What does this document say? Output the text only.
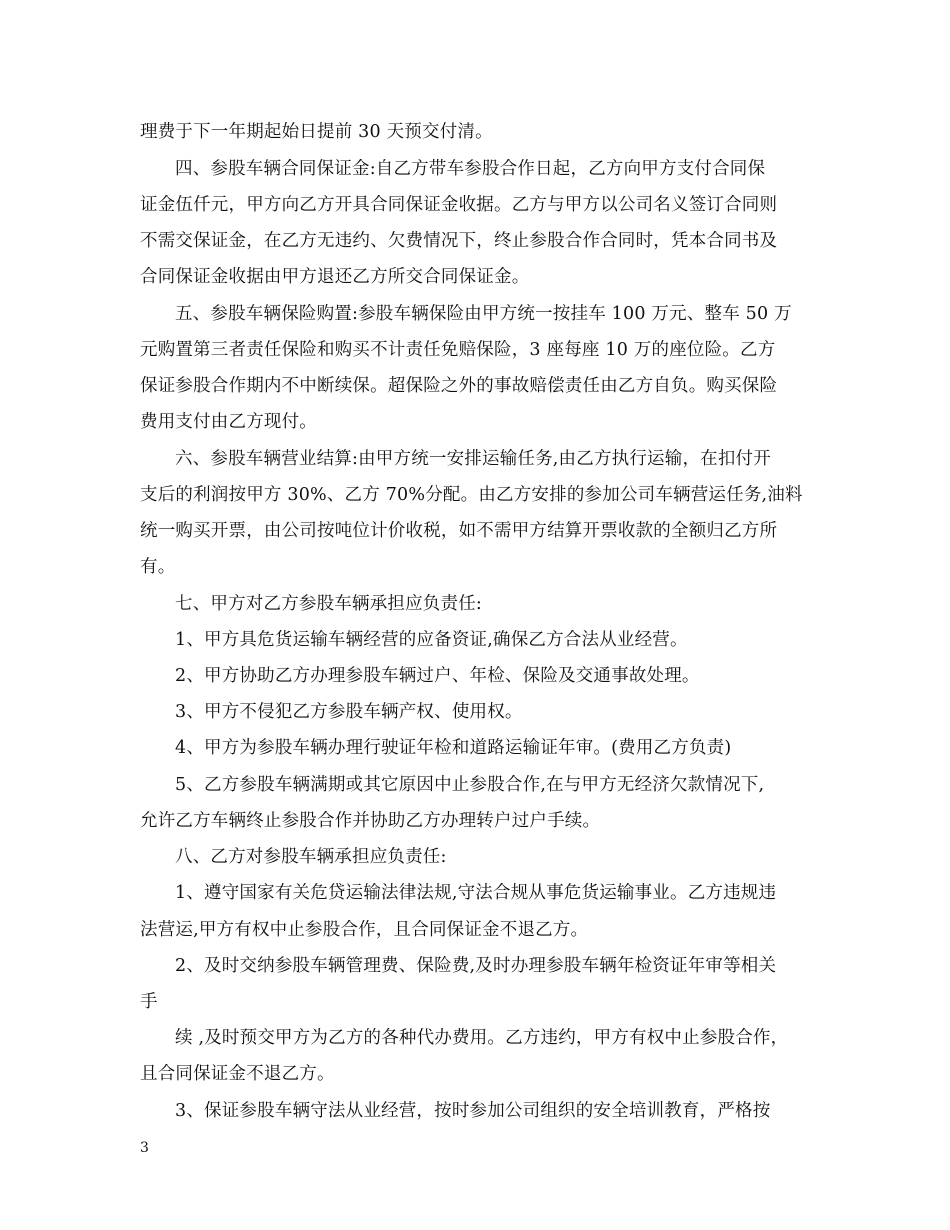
理费于下一年期起始日提前 30 天预交付清。
四、参股车辆合同保证金:自乙方带车参股合作日起，乙方向甲方支付合同保
证金伍仟元，甲方向乙方开具合同保证金收据。乙方与甲方以公司名义签订合同则
不需交保证金，在乙方无违约、欠费情况下，终止参股合作合同时，凭本合同书及
合同保证金收据由甲方退还乙方所交合同保证金。
五、参股车辆保险购置:参股车辆保险由甲方统一按挂车 100 万元、整车 50 万
元购置第三者责任保险和购买不计责任免赔保险，3 座每座 10 万的座位险。乙方
保证参股合作期内不中断续保。超保险之外的事故赔偿责任由乙方自负。购买保险
费用支付由乙方现付。
六、参股车辆营业结算:由甲方统一安排运输任务,由乙方执行运输，在扣付开
支后的利润按甲方 30%、乙方 70%分配。由乙方安排的参加公司车辆营运任务,油料
统一购买开票，由公司按吨位计价收税，如不需甲方结算开票收款的全额归乙方所
有。
七、甲方对乙方参股车辆承担应负责任:
1、甲方具危货运输车辆经营的应备资证,确保乙方合法从业经营。
2、甲方协助乙方办理参股车辆过户、年检、保险及交通事故处理。
3、甲方不侵犯乙方参股车辆产权、使用权。
4、甲方为参股车辆办理行驶证年检和道路运输证年审。(费用乙方负责)
5、乙方参股车辆满期或其它原因中止参股合作,在与甲方无经济欠款情况下,
允许乙方车辆终止参股合作并协助乙方办理转户过户手续。
八、乙方对参股车辆承担应负责任:
1、遵守国家有关危贷运输法律法规,守法合规从事危货运输事业。乙方违规违
法营运,甲方有权中止参股合作，且合同保证金不退乙方。
2、及时交纳参股车辆管理费、保险费,及时办理参股车辆年检资证年审等相关
手
续 ,及时预交甲方为乙方的各种代办费用。乙方违约，甲方有权中止参股合作，
且合同保证金不退乙方。
3、保证参股车辆守法从业经营，按时参加公司组织的安全培训教育，严格按
3
